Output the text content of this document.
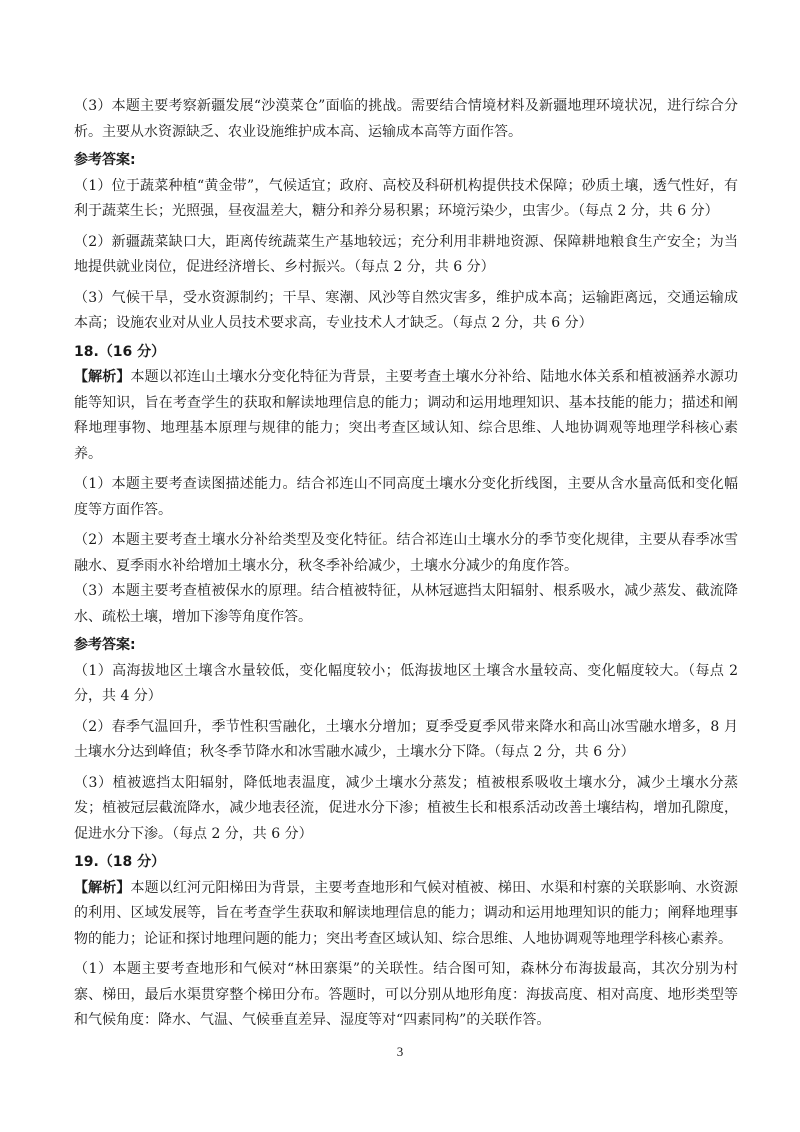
（3）本题主要考察新疆发展“沙漠菜仓”面临的挑战。需要结合情境材料及新疆地理环境状况，进行综合分析。主要从水资源缺乏、农业设施维护成本高、运输成本高等方面作答。

参考答案:

（1）位于蔬菜种植“黄金带”，气候适宜；政府、高校及科研机构提供技术保障；砂质土壤，透气性好，有利于蔬菜生长；光照强，昼夜温差大，糖分和养分易积累；环境污染少，虫害少。（每点 2 分，共 6 分）

（2）新疆蔬菜缺口大，距离传统蔬菜生产基地较远；充分利用非耕地资源、保障耕地粮食生产安全；为当地提供就业岗位，促进经济增长、乡村振兴。（每点 2 分，共 6 分）

（3）气候干旱，受水资源制约；干旱、寒潮、风沙等自然灾害多，维护成本高；运输距离远，交通运输成本高；设施农业对从业人员技术要求高，专业技术人才缺乏。（每点 2 分，共 6 分）

18.（16 分）

【解析】本题以祁连山土壤水分变化特征为背景，主要考查土壤水分补给、陆地水体关系和植被涵养水源功能等知识，旨在考查学生的获取和解读地理信息的能力；调动和运用地理知识、基本技能的能力；描述和阐释地理事物、地理基本原理与规律的能力；突出考查区域认知、综合思维、人地协调观等地理学科核心素养。

（1）本题主要考查读图描述能力。结合祁连山不同高度土壤水分变化折线图，主要从含水量高低和变化幅度等方面作答。

（2）本题主要考查土壤水分补给类型及变化特征。结合祁连山土壤水分的季节变化规律，主要从春季冰雪融水、夏季雨水补给增加土壤水分，秋冬季补给减少，土壤水分减少的角度作答。

（3）本题主要考查植被保水的原理。结合植被特征，从林冠遮挡太阳辐射、根系吸水，减少蒸发、截流降水、疏松土壤，增加下渗等角度作答。

参考答案:

（1）高海拔地区土壤含水量较低，变化幅度较小；低海拔地区土壤含水量较高、变化幅度较大。（每点 2 分，共 4 分）

（2）春季气温回升，季节性积雪融化，土壤水分增加；夏季受夏季风带来降水和高山冰雪融水增多，8 月土壤水分达到峰值；秋冬季节降水和冰雪融水减少，土壤水分下降。（每点 2 分，共 6 分）

（3）植被遮挡太阳辐射，降低地表温度，减少土壤水分蒸发；植被根系吸收土壤水分，减少土壤水分蒸发；植被冠层截流降水，减少地表径流，促进水分下渗；植被生长和根系活动改善土壤结构，增加孔隙度，促进水分下渗。（每点 2 分，共 6 分）

19.（18 分）

【解析】本题以红河元阳梯田为背景，主要考查地形和气候对植被、梯田、水渠和村寨的关联影响、水资源的利用、区域发展等，旨在考查学生获取和解读地理信息的能力；调动和运用地理知识的能力；阐释地理事物的能力；论证和探讨地理问题的能力；突出考查区域认知、综合思维、人地协调观等地理学科核心素养。

（1）本题主要考查地形和气候对“林田寨渠”的关联性。结合图可知，森林分布海拔最高，其次分别为村寨、梯田，最后水渠贯穿整个梯田分布。答题时，可以分别从地形角度：海拔高度、相对高度、地形类型等和气候角度：降水、气温、气候垂直差异、湿度等对“四素同构”的关联作答。

3
